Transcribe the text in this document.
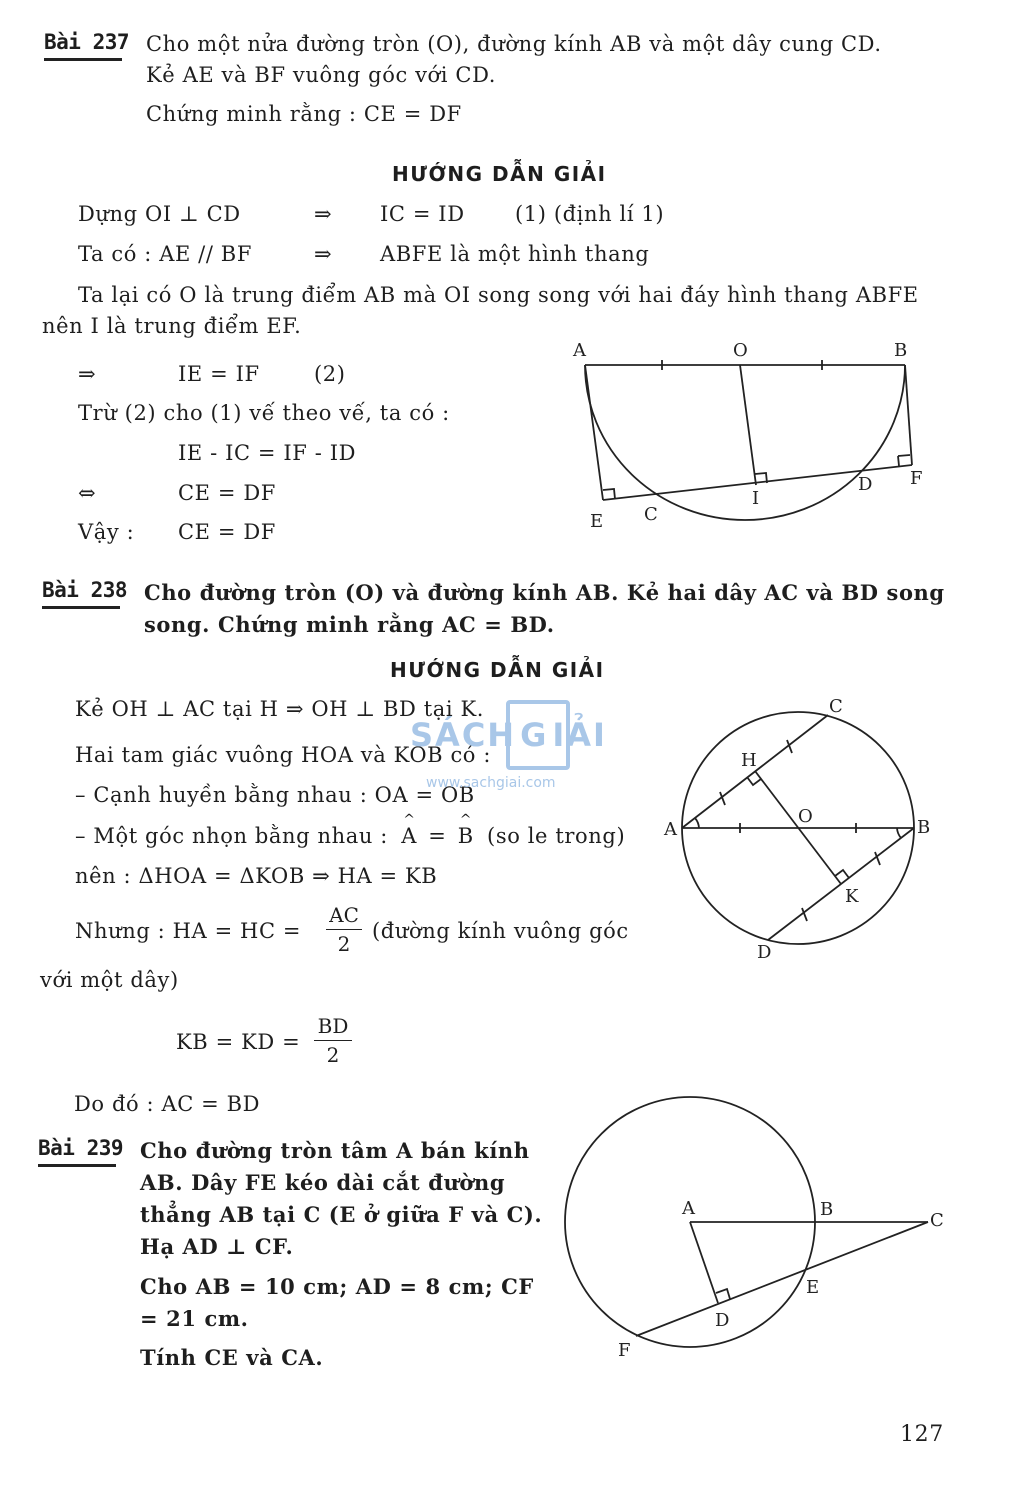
Bài 237 Cho một nửa đường tròn (O), đường kính AB và một dây cung CD.
Kẻ AE và BF vuông góc với CD.
Chứng minh rằng : CE = DF
HƯỚNG DẪN GIẢI
Dựng OI ⊥ CD	⇒ IC = ID (1) (định lí 1)
Ta có : AE // BF	⇒ ABFE là một hình thang
Ta lại có O là trung điểm AB mà OI song song với hai đáy hình thang ABFE
nên I là trung điểm EF.
⇒	IE = IF	(2)
Trừ (2) cho (1) vế theo vế, ta có :
IE - IC = IF - ID
⇔	CE = DF
Vậy : CE = DF
A	O	B
F
D
I
C
E
Bài 238 Cho đường tròn (O) và đường kính AB. Kẻ hai dây AC và BD song
song. Chứng minh rằng AC = BD.
HƯỚNG DẪN GIẢI
Kẻ OH ⊥ AC tại H ⇒ OH ⊥ BD tại K.
Hai tam giác vuông HOA và KOB có :
– Cạnh huyền bằng nhau : OA = OB
– Một góc nhọn bằng nhau : ^ A = ^ B (so le trong)
nên : ΔHOA = ΔKOB ⇒ HA = KB
Nhưng : HA = HC =
AC
2
(đường kính vuông góc
với một dây)
KB = KD =
BD
2
Do đó : AC = BD
SÁCH G IẢI
www.sachgiai.com
C
H
A
O
B
K
D
Bài 239 Cho đường tròn tâm A bán kính
AB. Dây FE kéo dài cắt đường
thẳng AB tại C (E ở giữa F và C).
Hạ AD ⊥ CF.
Cho AB = 10 cm; AD = 8 cm; CF
= 21 cm.
Tính CE và CA.
A	B
C
E
D
F
127
